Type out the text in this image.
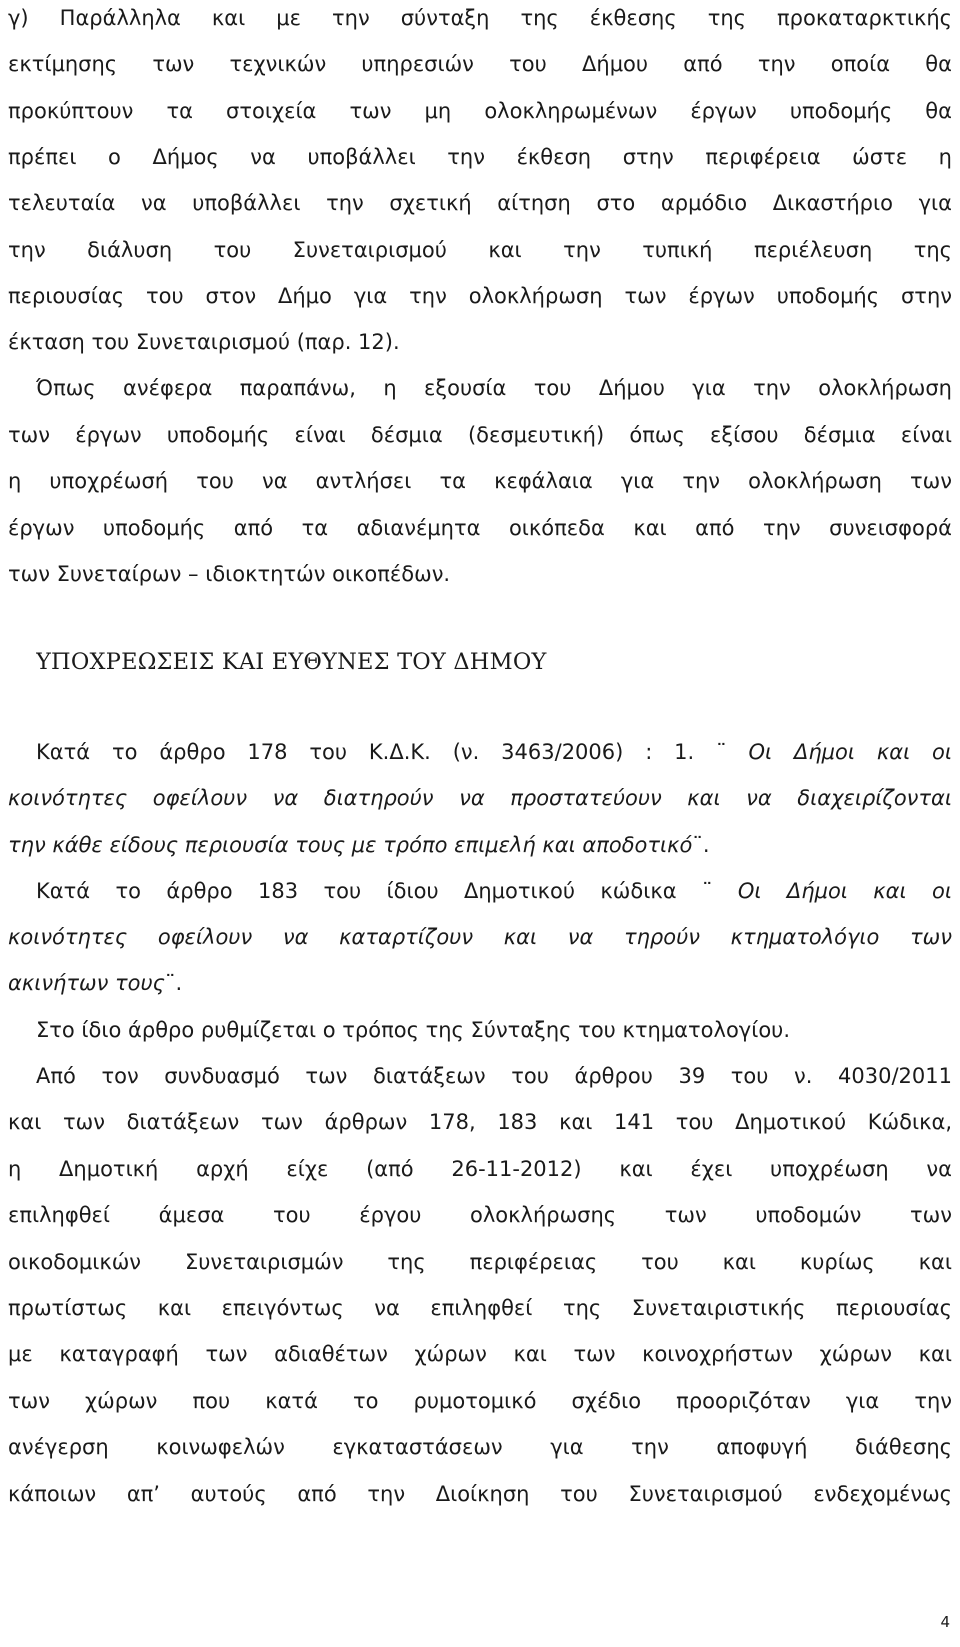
γ) Παράλληλα και με την σύνταξη της έκθεσης της προκαταρκτικής
εκτίμησης των τεχνικών υπηρεσιών του Δήμου από την οποία θα
προκύπτουν τα στοιχεία των μη ολοκληρωμένων έργων υποδομής θα
πρέπει ο Δήμος να υποβάλλει την έκθεση στην περιφέρεια ώστε η
τελευταία να υποβάλλει την σχετική αίτηση στο αρμόδιο Δικαστήριο για
την διάλυση του Συνεταιρισμού και την τυπική περιέλευση της
περιουσίας του στον Δήμο για την ολοκλήρωση των έργων υποδομής στην
έκταση του Συνεταιρισμού (παρ. 12).
Όπως ανέφερα παραπάνω, η εξουσία του Δήμου για την ολοκλήρωση
των έργων υποδομής είναι δέσμια (δεσμευτική) όπως εξίσου δέσμια είναι
η υποχρέωσή του να αντλήσει τα κεφάλαια για την ολοκλήρωση των
έργων υποδομής από τα αδιανέμητα οικόπεδα και από την συνεισφορά
των Συνεταίρων – ιδιοκτητών οικοπέδων.
ΥΠΟΧΡΕΩΣΕΙΣ ΚΑΙ ΕΥΘΥΝΕΣ ΤΟΥ ΔΗΜΟΥ
Κατά το άρθρο 178 του Κ.Δ.Κ. (ν. 3463/2006) : 1. ¨ Οι Δήμοι και οι
κοινότητες οφείλουν να διατηρούν να προστατεύουν και να διαχειρίζονται
την κάθε είδους περιουσία τους με τρόπο επιμελή και αποδοτικό¨.
Κατά το άρθρο 183 του ίδιου Δημοτικού κώδικα ¨ Οι Δήμοι και οι
κοινότητες οφείλουν να καταρτίζουν και να τηρούν κτηματολόγιο των
ακινήτων τους¨.
Στο ίδιο άρθρο ρυθμίζεται ο τρόπος της Σύνταξης του κτηματολογίου.
Από τον συνδυασμό των διατάξεων του άρθρου 39 του ν. 4030/2011
και των διατάξεων των άρθρων 178, 183 και 141 του Δημοτικού Κώδικα,
η Δημοτική αρχή είχε (από 26-11-2012) και έχει υποχρέωση να
επιληφθεί άμεσα του έργου ολοκλήρωσης των υποδομών των
οικοδομικών Συνεταιρισμών της περιφέρειας του και κυρίως και
πρωτίστως και επειγόντως να επιληφθεί της Συνεταιριστικής περιουσίας
με καταγραφή των αδιαθέτων χώρων και των κοινοχρήστων χώρων και
των χώρων που κατά το ρυμοτομικό σχέδιο προοριζόταν για την
ανέγερση κοινωφελών εγκαταστάσεων για την αποφυγή διάθεσης
κάποιων απ’ αυτούς από την Διοίκηση του Συνεταιρισμού ενδεχομένως
4
